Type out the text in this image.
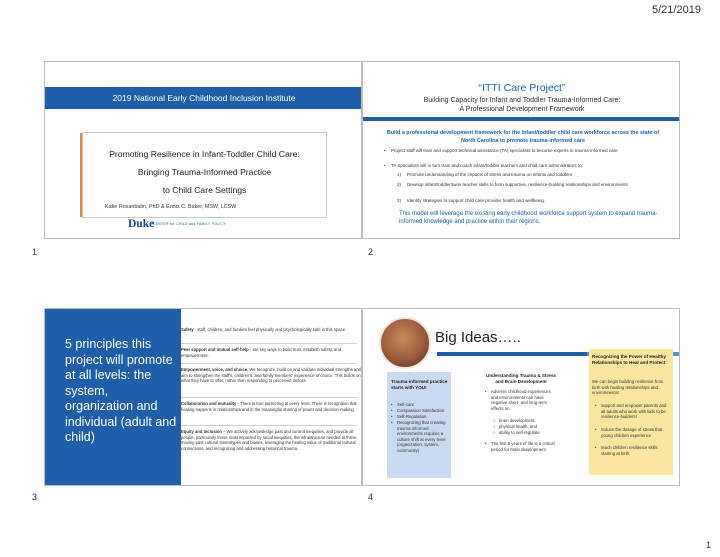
5/21/2019
1	2
3	4
1
2019 National Early Childhood Inclusion Institute
Promoting Resilience in Infant-Toddler Child Care:
Bringing Trauma-Informed Practice
to Child Care Settings
Katie Rosanbalm, PhD & Ennis C. Baker, MSW, LCSW
Duke
CENTER for CHILD and FAMILY POLICY
“ITTI Care Project”
Building Capacity for Infant and Toddler Trauma-Informed Care:
A Professional Development Framework
Build a professional development framework for the infant/toddler child care workforce across the state of North Carolina to promote trauma-informed care
• Project staff will train and support technical assistance (TA) specialists to become experts in trauma-informed care
• TA Specialists will in turn train and coach infant/toddler teachers and child care administrators to:
1) Promote understanding of the impacts of stress and trauma on infants and toddlers
2) Develop infant/toddler/twos teacher skills to form supportive, resilience-building relationships and environments
3) Identify strategies to support child care provider health and wellbeing.
This model will leverage the existing early childhood workforce support system to expand trauma-informed knowledge and practice within their regions.
5 principles this project will promote at all levels: the system, organization and individual (adult and child)
Safety - staff, children, and families feel physically and psychologically safe in this space
Peer support and mutual self-help - are key ways to build trust, establish safety, and empowerment.
Empowerment, voice, and choice. We recognize, build on and validate individual strengths and aim to strengthen the staff's, children's, and family members' experience of choice. This builds on what they have to offer, rather than responding to perceived deficits.
Collaboration and mutuality - There is true partnering at every level. There is recognition that healing happens in relationships and in the meaningful sharing of power and decision-making.
Equity and Inclusion – We actively acknowledge past and current inequities, and provide all people, particularly those most impacted by racial inequities, the infrastructure needed to thrive, moving past cultural stereotypes and biases, leveraging the healing value of traditional cultural connections, and recognizing and addressing historical trauma.
Big Ideas…..
Trauma-informed practice starts with YOU!
• Self-care
• Compassion Satisfaction
• Self-Regulation
• Recognizing that creating trauma-informed environments requires a culture shift at every level (organization, system, community)
Understanding Trauma & Stress and Brain Development
• Adverse childhood experiences and environments can have negative short- and long-term effects on:
○ brain development,
○ physical health, and
○ ability to self-regulate
• The first 5 years of life is a critical period for brain development
Recognizing the Power of Healthy Relationships to Heal and Protect
We can begin building resilience from birth with healing relationships and environments!
• support and empower parents and all adults who work with kids to be resilience-builders!
• reduce the dosage of stress that young children experience
• teach children resilience skills starting at birth
